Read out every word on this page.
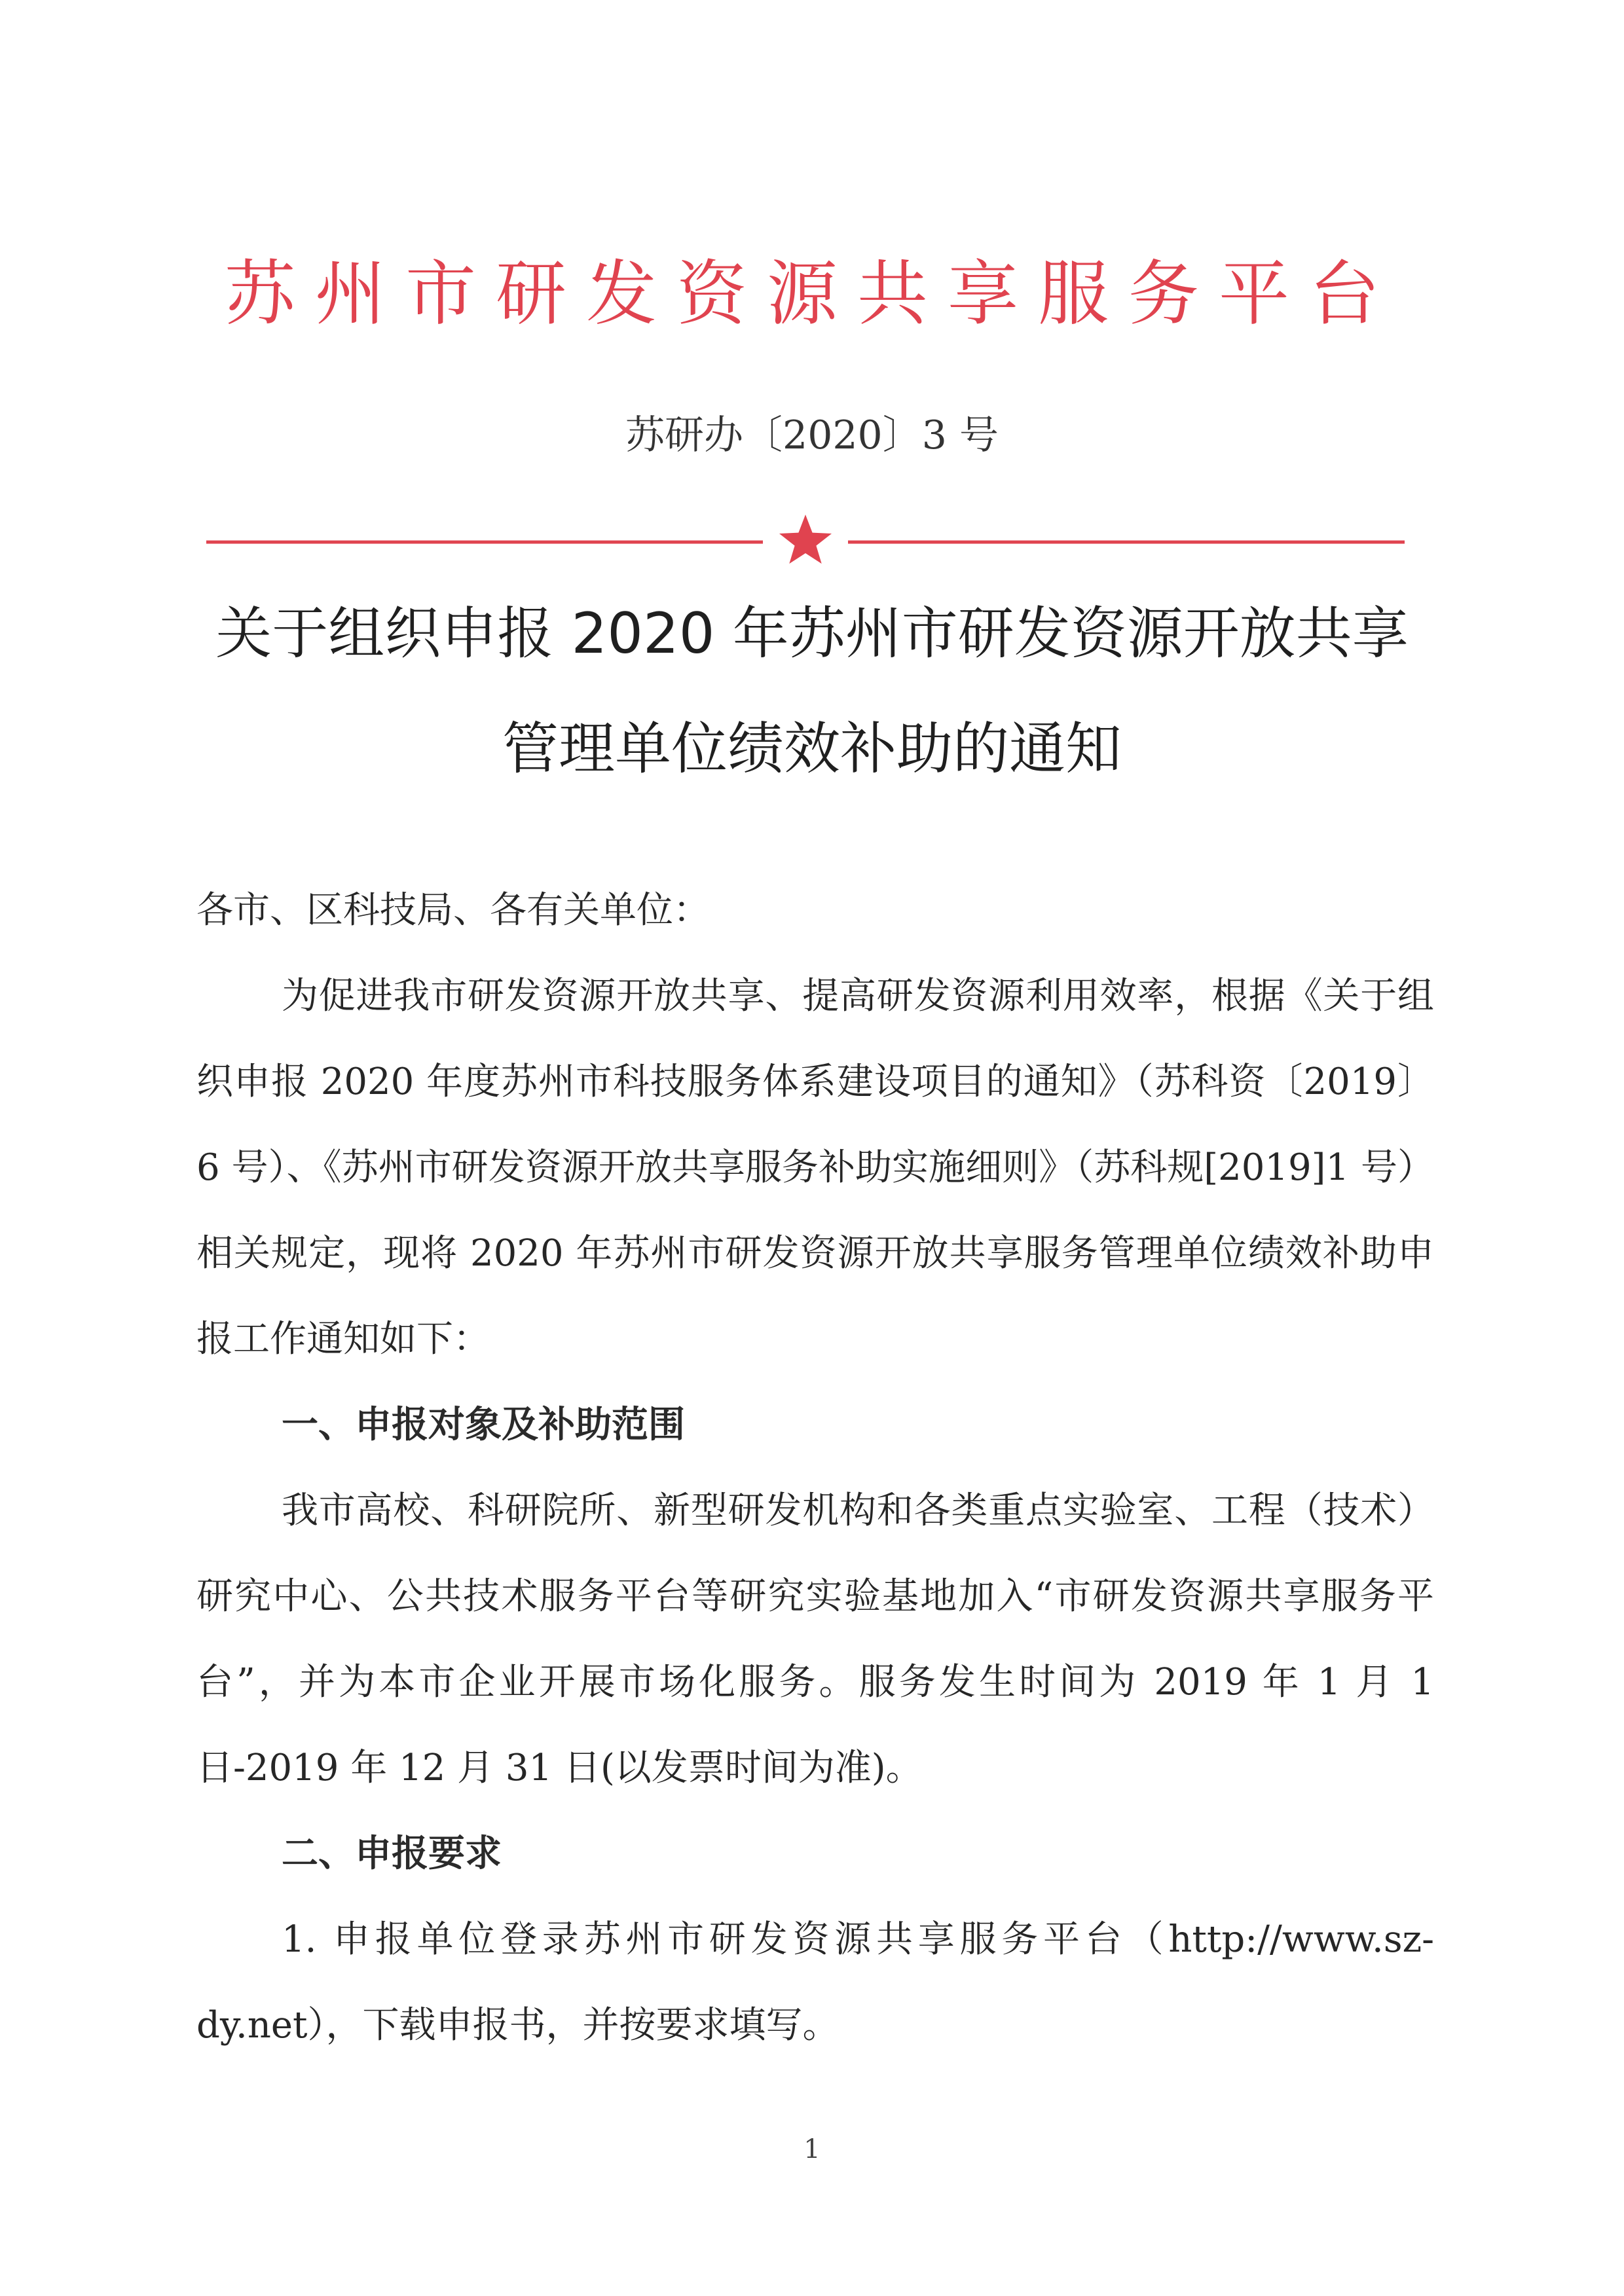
苏州市研发资源共享服务平台
苏研办〔2020〕3 号
关于组织申报 2020 年苏州市研发资源开放共享
管理单位绩效补助的通知

各市、区科技局、各有关单位：

为促进我市研发资源开放共享、提高研发资源利用效率，根据《关于组织申报 2020 年度苏州市科技服务体系建设项目的通知》（苏科资〔2019〕6 号）、《苏州市研发资源开放共享服务补助实施细则》（苏科规[2019]1 号）相关规定，现将 2020 年苏州市研发资源开放共享服务管理单位绩效补助申报工作通知如下：

一、申报对象及补助范围

我市高校、科研院所、新型研发机构和各类重点实验室、工程（技术）研究中心、公共技术服务平台等研究实验基地加入“市研发资源共享服务平台”，并为本市企业开展市场化服务。服务发生时间为 2019 年 1 月 1 日-2019 年 12 月 31 日(以发票时间为准)。

二、申报要求

1. 申报单位登录苏州市研发资源共享服务平台（http://www.sz-dy.net），下载申报书，并按要求填写。

1
